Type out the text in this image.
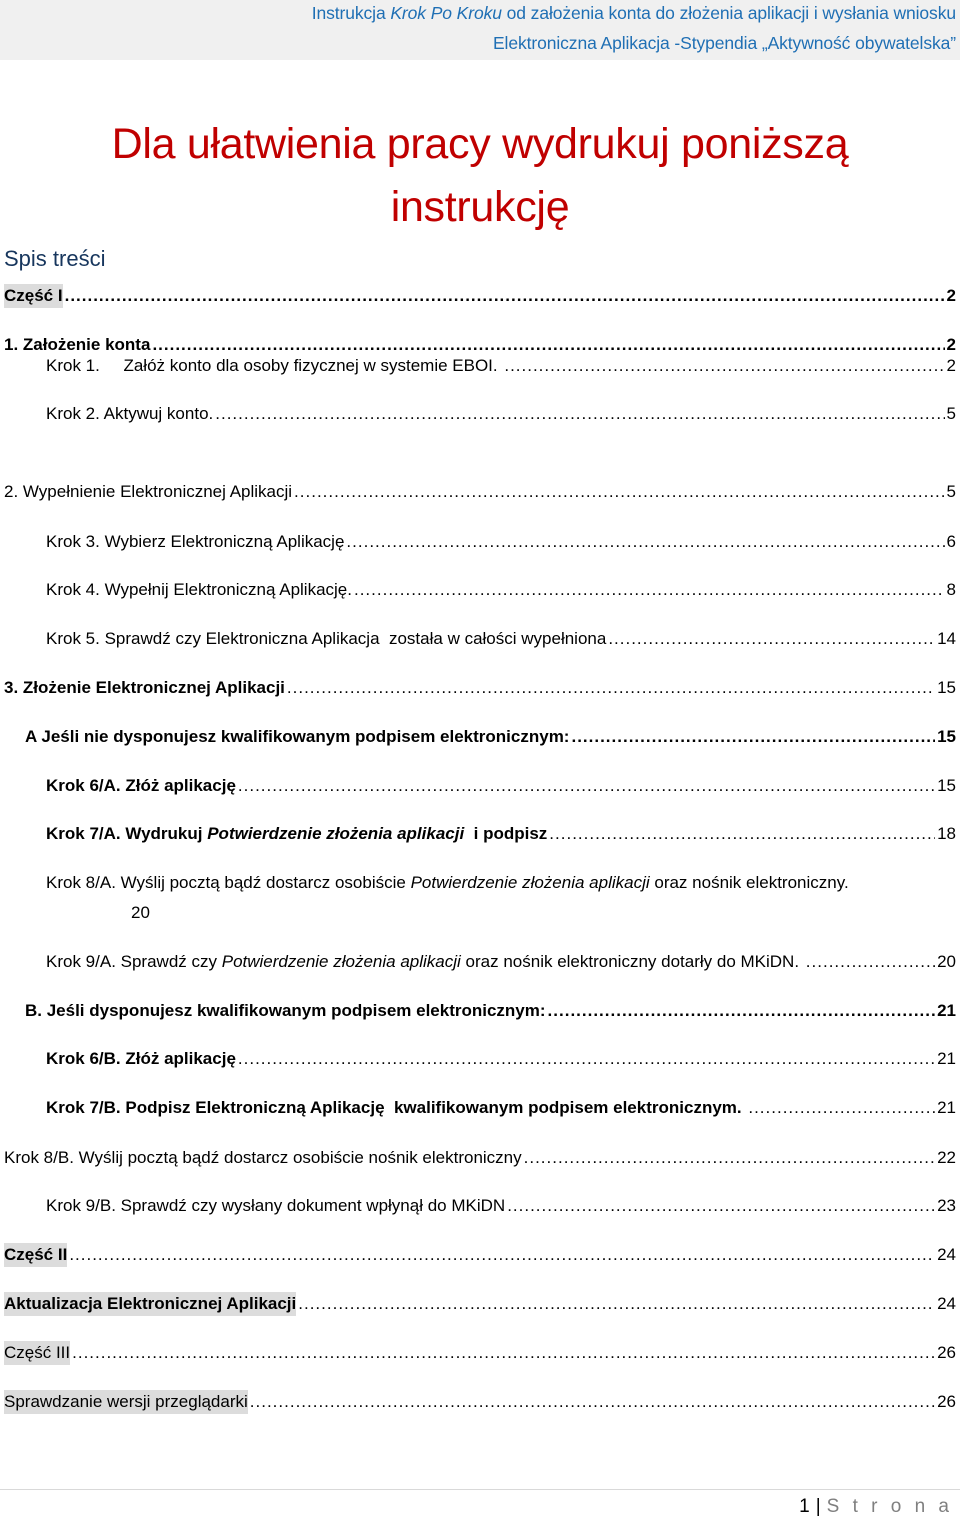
Instrukcja Krok Po Kroku od założenia konta do złożenia aplikacji i wysłania wniosku
Elektroniczna Aplikacja -Stypendia „Aktywność obywatelska”
Dla ułatwienia pracy wydrukuj poniższą
instrukcję
Spis treści
Część I .....	2
1. Założenie konta .....	2
Krok 1.     Załóż konto dla osoby fizycznej w systemie EBOI. .....	2
Krok 2. Aktywuj konto. .....	5
2. Wypełnienie Elektronicznej Aplikacji .....	5
Krok 3. Wybierz Elektroniczną Aplikację .....	6
Krok 4. Wypełnij Elektroniczną Aplikację. .....	8
Krok 5. Sprawdź czy Elektroniczna Aplikacja  została w całości wypełniona .....	14
3. Złożenie Elektronicznej Aplikacji .....	15
A Jeśli nie dysponujesz kwalifikowanym podpisem elektronicznym: .....	15
Krok 6/A. Złóż aplikację .....	15
Krok 7/A. Wydrukuj Potwierdzenie złożenia aplikacji  i podpisz .....	18
Krok 8/A. Wyślij pocztą bądź dostarcz osobiście Potwierdzenie złożenia aplikacji oraz nośnik elektroniczny.
20
Krok 9/A. Sprawdź czy Potwierdzenie złożenia aplikacji oraz nośnik elektroniczny dotarły do MKiDN. .....	20
B. Jeśli dysponujesz kwalifikowanym podpisem elektronicznym: .....	21
Krok 6/B. Złóż aplikację .....	21
Krok 7/B. Podpisz Elektroniczną Aplikację  kwalifikowanym podpisem elektronicznym. .....	21
Krok 8/B. Wyślij pocztą bądź dostarcz osobiście nośnik elektroniczny .....	22
Krok 9/B. Sprawdź czy wysłany dokument wpłynął do MKiDN .....	23
Część II .....	24
Aktualizacja Elektronicznej Aplikacji .....	24
Część III .....	26
Sprawdzanie wersji przeglądarki .....	26
1 | S t r o n a
